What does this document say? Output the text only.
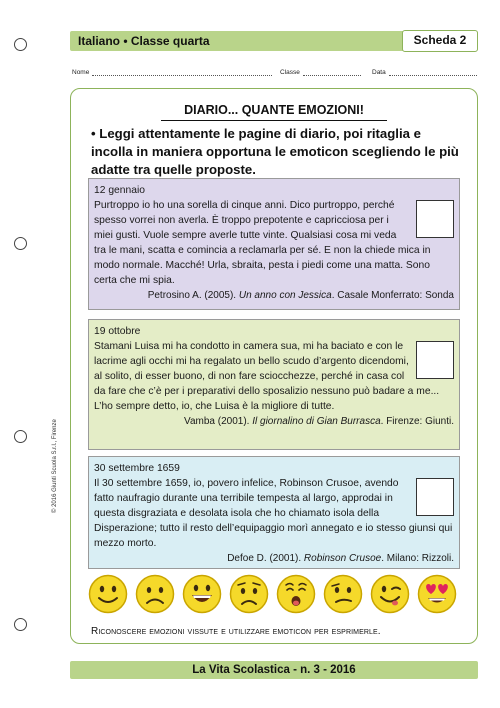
Italiano • Classe quarta	Scheda 2
Nome	Classe	Data
DIARIO... QUANTE EMOZIONI!
• Leggi attentamente le pagine di diario, poi ritaglia e incolla in maniera opportuna le emoticon scegliendo le più adatte tra quelle proposte.
12 gennaio
Purtroppo io ho una sorella di cinque anni. Dico purtroppo, perché spesso vorrei non averla. È troppo prepotente e capricciosa per i miei gusti. Vuole sempre averle tutte vinte. Qualsiasi cosa mi veda tra le mani, scatta e comincia a reclamarla per sé. E non la chiede mica in modo normale. Macché! Urla, sbraita, pesta i piedi come una matta. Sono certa che mi spia.
Petrosino A. (2005). Un anno con Jessica. Casale Monferrato: Sonda
19 ottobre
Stamani Luisa mi ha condotto in camera sua, mi ha baciato e con le lacrime agli occhi mi ha regalato un bello scudo d’argento dicendomi, al solito, di esser buono, di non fare sciocchezze, perché in casa col da fare che c’è per i preparativi dello sposalizio nessuno può badare a me... L’ho sempre detto, io, che Luisa è la migliore di tutte.
Vamba (2001). Il giornalino di Gian Burrasca. Firenze: Giunti.
30 settembre 1659
Il 30 settembre 1659, io, povero infelice, Robinson Crusoe, avendo fatto naufragio durante una terribile tempesta al largo, approdai in questa disgraziata e desolata isola che ho chiamato isola della Disperazione; tutto il resto dell’equipaggio morì annegato e io stesso giunsi qui mezzo morto.
Defoe D. (2001). Robinson Crusoe. Milano: Rizzoli.
Riconoscere emozioni vissute e utilizzare emoticon per esprimerle.
© 2016 Giunti Scuola S.r.l., Firenze
La Vita Scolastica - n. 3 - 2016
